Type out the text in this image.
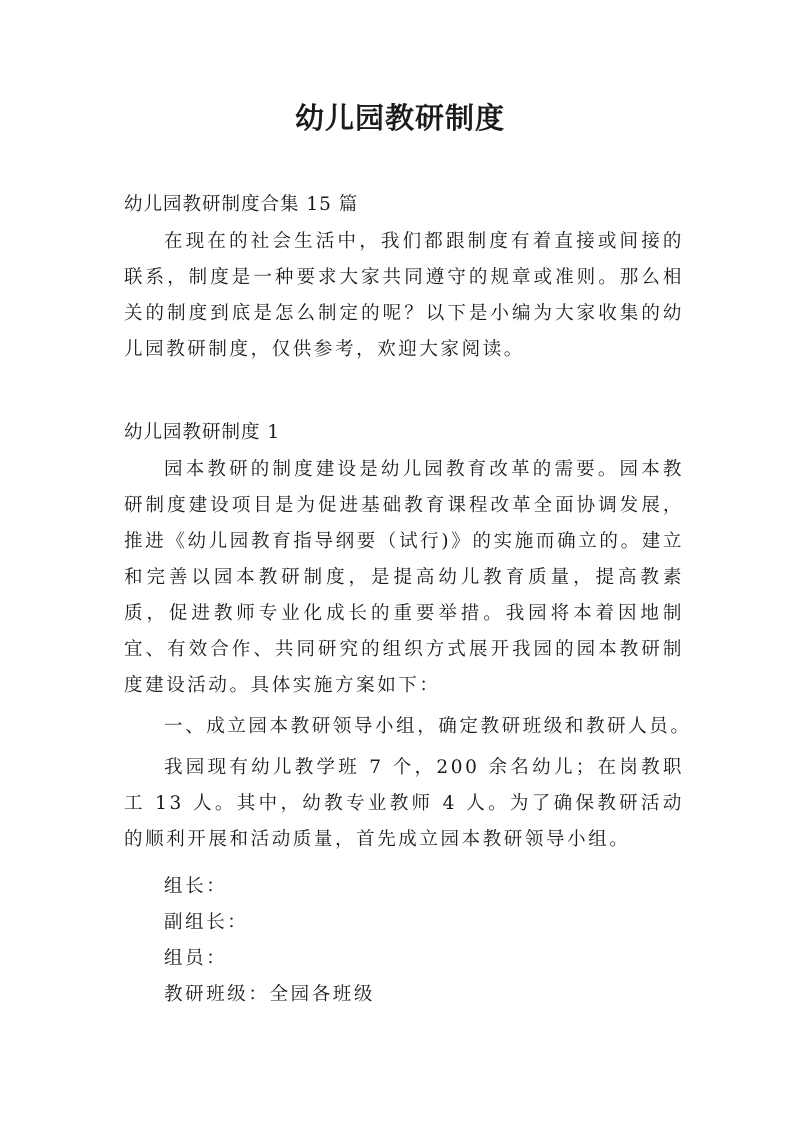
幼儿园教研制度
幼儿园教研制度合集 15 篇

在现在的社会生活中，我们都跟制度有着直接或间接的联系，制度是一种要求大家共同遵守的规章或准则。那么相关的制度到底是怎么制定的呢？以下是小编为大家收集的幼儿园教研制度，仅供参考，欢迎大家阅读。

幼儿园教研制度 1

园本教研的制度建设是幼儿园教育改革的需要。园本教研制度建设项目是为促进基础教育课程改革全面协调发展，推进《幼儿园教育指导纲要（试行)》的实施而确立的。建立和完善以园本教研制度，是提高幼儿教育质量，提高教素质，促进教师专业化成长的重要举措。我园将本着因地制宜、有效合作、共同研究的组织方式展开我园的园本教研制度建设活动。具体实施方案如下：

一、成立园本教研领导小组，确定教研班级和教研人员。

我园现有幼儿教学班 7 个，200 余名幼儿；在岗教职工 13 人。其中，幼教专业教师 4 人。为了确保教研活动的顺利开展和活动质量，首先成立园本教研领导小组。

组长：
副组长：
组员：
教研班级：全园各班级
